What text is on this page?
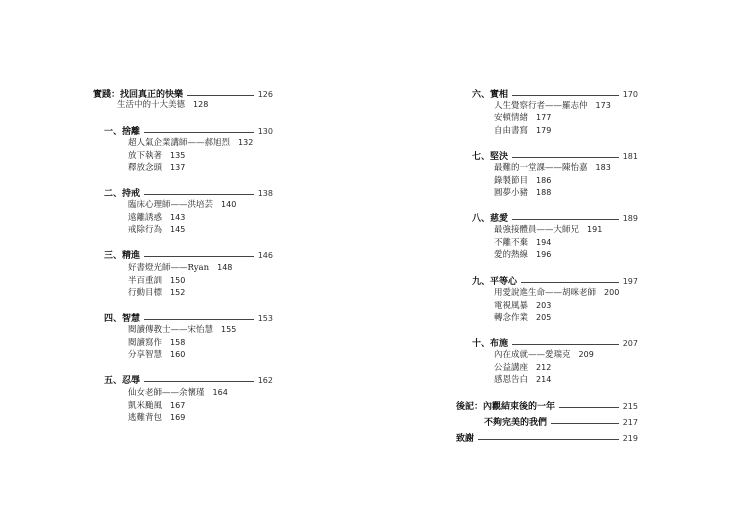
實踐：找回真正的快樂	126
生活中的十大美德 128
一、捨離	130
超人氣企業講師——郝旭烈 132
放下執著 135
釋放念頭 137
二、持戒	138
臨床心理師——洪培芸 140
遠離誘惑 143
戒除行為 145
三、精進	146
好書燈光師——Ryan 148
半百重訓 150
行動目標 152
四、智慧	153
閱讀傳教士——宋怡慧 155
閱讀寫作 158
分享智慧 160
五、忍辱	162
仙女老師——余懷瑾 164
凱米颱風 167
逃難背包 169
六、實相	170
人生覺察行者——羅志仲 173
安頓情緒 177
自由書寫 179
七、堅決	181
最難的一堂課——陳怡嘉 183
錄製節目 186
圓夢小豬 188
八、慈愛	189
最強接體員——大師兄 191
不離不棄 194
愛的熱線 196
九、平等心	197
用愛說進生命——胡咪老師 200
電視風暴 203
轉念作業 205
十、布施	207
內在成就——愛瑞克 209
公益講座 212
感恩告白 214
後記：內觀結束後的一年	215
不夠完美的我們	217
致謝	219
